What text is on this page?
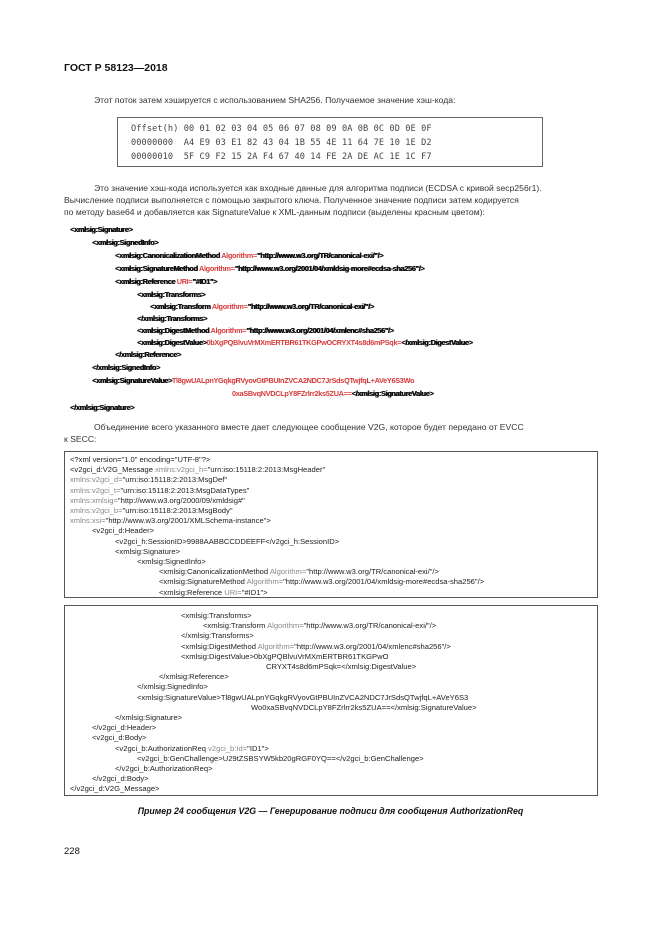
ГОСТ Р 58123—2018
Этот поток затем хэшируется с использованием SHA256. Получаемое значение хэш-кода:
Offset(h) 00 01 02 03 04 05 06 07 08 09 0A 0B 0C 0D 0E 0F
00000000  A4 E9 03 E1 82 43 04 1B 55 4E 11 64 7E 10 1E D2
00000010  5F C9 F2 15 2A F4 67 40 14 FE 2A DE AC 1E 1C F7
Это значение хэш-кода используется как входные данные для алгоритма подписи (ECDSA с кривой secp256r1).
Вычисление подписи выполняется с помощью закрытого ключа. Полученное значение подписи затем кодируется
по методу base64 и добавляется как SignatureValue к XML-данным подписи (выделены красным цветом):
<xmlsig:Signature>
<xmlsig:SignedInfo>
<xmlsig:CanonicalizationMethod Algorithm="http://www.w3.org/TR/canonical-exi/"/>
<xmlsig:SignatureMethod Algorithm="http://www.w3.org/2001/04/xmldsig-more#ecdsa-sha256"/>
<xmlsig:Reference URI="#ID1">
<xmlsig:Transforms>
<xmlsig:Transform Algorithm="http://www.w3.org/TR/canonical-exi/"/>
</xmlsig:Transforms>
<xmlsig:DigestMethod Algorithm="http://www.w3.org/2001/04/xmlenc#sha256"/>
<xmlsig:DigestValue>0bXgPQBlvuVrMXmERTBR61TKGPwOCRYXT4s8d6mPSqk=</xmlsig:DigestValue>
</xmlsig:Reference>
</xmlsig:SignedInfo>
<xmlsig:SignatureValue>Tl8gwUALpnYGqkgRVyovGtPBUInZVCA2NDC7JrSdsQTwjfqL+AVeY6S3Wo
0xaSBvqNVDCLpY8FZrlrr2ks5ZUA==</xmlsig:SignatureValue>
</xmlsig:Signature>
Объединение всего указанного вместе дает следующее сообщение V2G, которое будет передано от EVCC
к SECC:
<?xml version="1.0" encoding="UTF-8"?>
<v2gci_d:V2G_Message xmlns:v2gci_h="urn:iso:15118:2:2013:MsgHeader"
xmlns:v2gci_d="urn:iso:15118:2:2013:MsgDef"
xmlns:v2gci_t="urn:iso:15118:2:2013:MsgDataTypes"
xmlns:xmlsig="http://www.w3.org/2000/09/xmldsig#"
xmlns:v2gci_b="urn:iso:15118:2:2013:MsgBody"
xmlns:xsi="http://www.w3.org/2001/XMLSchema-instance">
<v2gci_d:Header>
<v2gci_h:SessionID>9988AABBCCDDEEFF</v2gci_h:SessionID>
<xmlsig:Signature>
<xmlsig:SignedInfo>
<xmlsig:CanonicalizationMethod Algorithm="http://www.w3.org/TR/canonical-exi/"/>
<xmlsig:SignatureMethod Algorithm="http://www.w3.org/2001/04/xmldsig-more#ecdsa-sha256"/>
<xmlsig:Reference URI="#ID1">
<xmlsig:Transforms>
<xmlsig:Transform Algorithm="http://www.w3.org/TR/canonical-exi/"/>
</xmlsig:Transforms>
<xmlsig:DigestMethod Algorithm="http://www.w3.org/2001/04/xmlenc#sha256"/>
<xmlsig:DigestValue>0bXgPQBlvuVrMXmERTBR61TKGPwO
CRYXT4s8d6mPSqk=</xmlsig:DigestValue>
</xmlsig:Reference>
</xmlsig:SignedInfo>
<xmlsig:SignatureValue>Tl8gwUALpnYGqkgRVyovGtPBUInZVCA2NDC7JrSdsQTwjfqL+AVeY6S3
Wo0xaSBvqNVDCLpY8FZrlrr2ks5ZUA==</xmlsig:SignatureValue>
</xmlsig:Signature>
</v2gci_d:Header>
<v2gci_d:Body>
<v2gci_b:AuthorizationReq v2gci_b:Id="ID1">
<v2gci_b:GenChallenge>U29tZSBSYW5kb20gRGF0YQ==</v2gci_b:GenChallenge>
</v2gci_b:AuthorizationReq>
</v2gci_d:Body>
</v2gci_d:V2G_Message>
Пример 24 сообщения V2G — Генерирование подписи для сообщения AuthorizationReq
228
